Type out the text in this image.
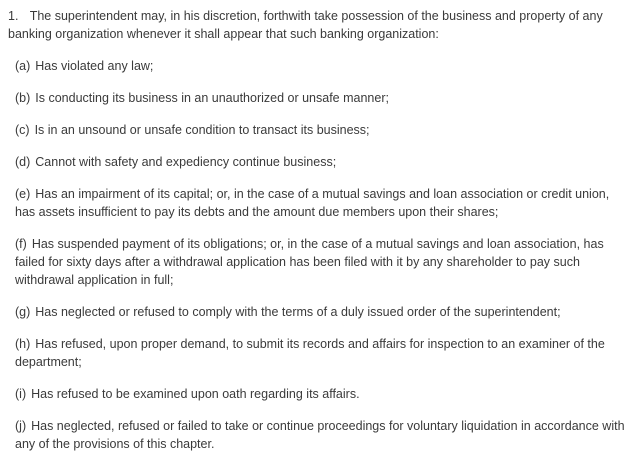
1. The superintendent may, in his discretion, forthwith take possession of the business and property of any banking organization whenever it shall appear that such banking organization:

(a) Has violated any law;
(b) Is conducting its business in an unauthorized or unsafe manner;
(c) Is in an unsound or unsafe condition to transact its business;
(d) Cannot with safety and expediency continue business;
(e) Has an impairment of its capital; or, in the case of a mutual savings and loan association or credit union, has assets insufficient to pay its debts and the amount due members upon their shares;
(f) Has suspended payment of its obligations; or, in the case of a mutual savings and loan association, has failed for sixty days after a withdrawal application has been filed with it by any shareholder to pay such withdrawal application in full;
(g) Has neglected or refused to comply with the terms of a duly issued order of the superintendent;
(h) Has refused, upon proper demand, to submit its records and affairs for inspection to an examiner of the department;
(i) Has refused to be examined upon oath regarding its affairs.
(j) Has neglected, refused or failed to take or continue proceedings for voluntary liquidation in accordance with any of the provisions of this chapter.
